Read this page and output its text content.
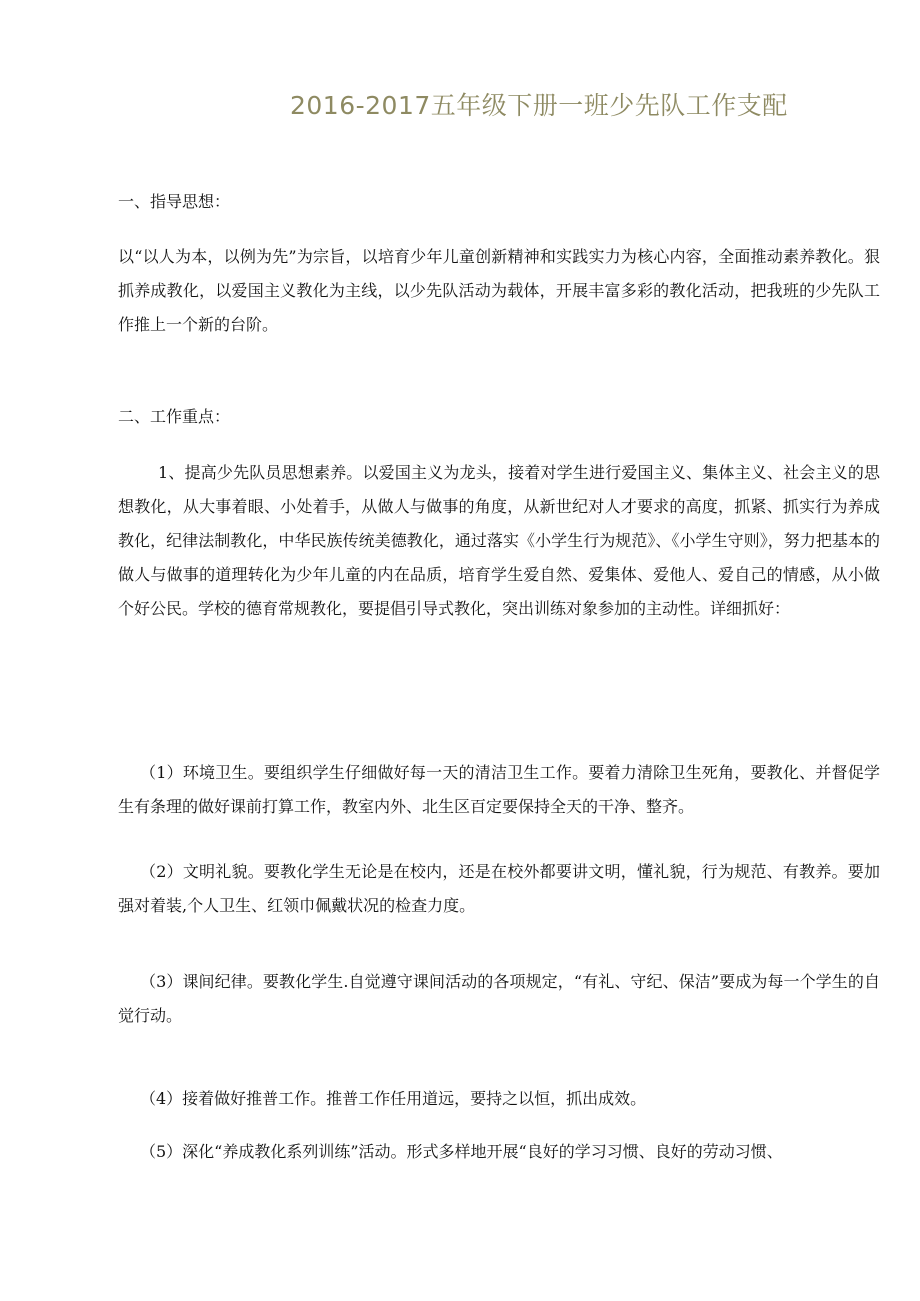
2016-2017五年级下册一班少先队工作支配
一、指导思想：
以“以人为本，以例为先”为宗旨，以培育少年儿童创新精神和实践实力为核心内容，全面推动素养教化。狠抓养成教化，以爱国主义教化为主线，以少先队活动为载体，开展丰富多彩的教化活动，把我班的少先队工作推上一个新的台阶。
二、工作重点：
1、提高少先队员思想素养。以爱国主义为龙头，接着对学生进行爱国主义、集体主义、社会主义的思想教化，从大事着眼、小处着手，从做人与做事的角度，从新世纪对人才要求的高度，抓紧、抓实行为养成教化，纪律法制教化，中华民族传统美德教化，通过落实《小学生行为规范》、《小学生守则》，努力把基本的做人与做事的道理转化为少年儿童的内在品质，培育学生爱自然、爱集体、爱他人、爱自己的情感，从小做个好公民。学校的德育常规教化，要提倡引导式教化，突出训练对象参加的主动性。详细抓好：
（1）环境卫生。要组织学生仔细做好每一天的清洁卫生工作。要着力清除卫生死角，要教化、并督促学生有条理的做好课前打算工作，教室内外、北生区百定要保持全天的干净、整齐。
（2）文明礼貌。要教化学生无论是在校内，还是在校外都要讲文明，懂礼貌，行为规范、有教养。要加强对着装,个人卫生、红领巾佩戴状况的检查力度。
（3）课间纪律。要教化学生.自觉遵守课间活动的各项规定，“有礼、守纪、保洁”要成为每一个学生的自觉行动。
（4）接着做好推普工作。推普工作任用道远，要持之以恒，抓出成效。
（5）深化“养成教化系列训练”活动。形式多样地开展“良好的学习习惯、良好的劳动习惯、
